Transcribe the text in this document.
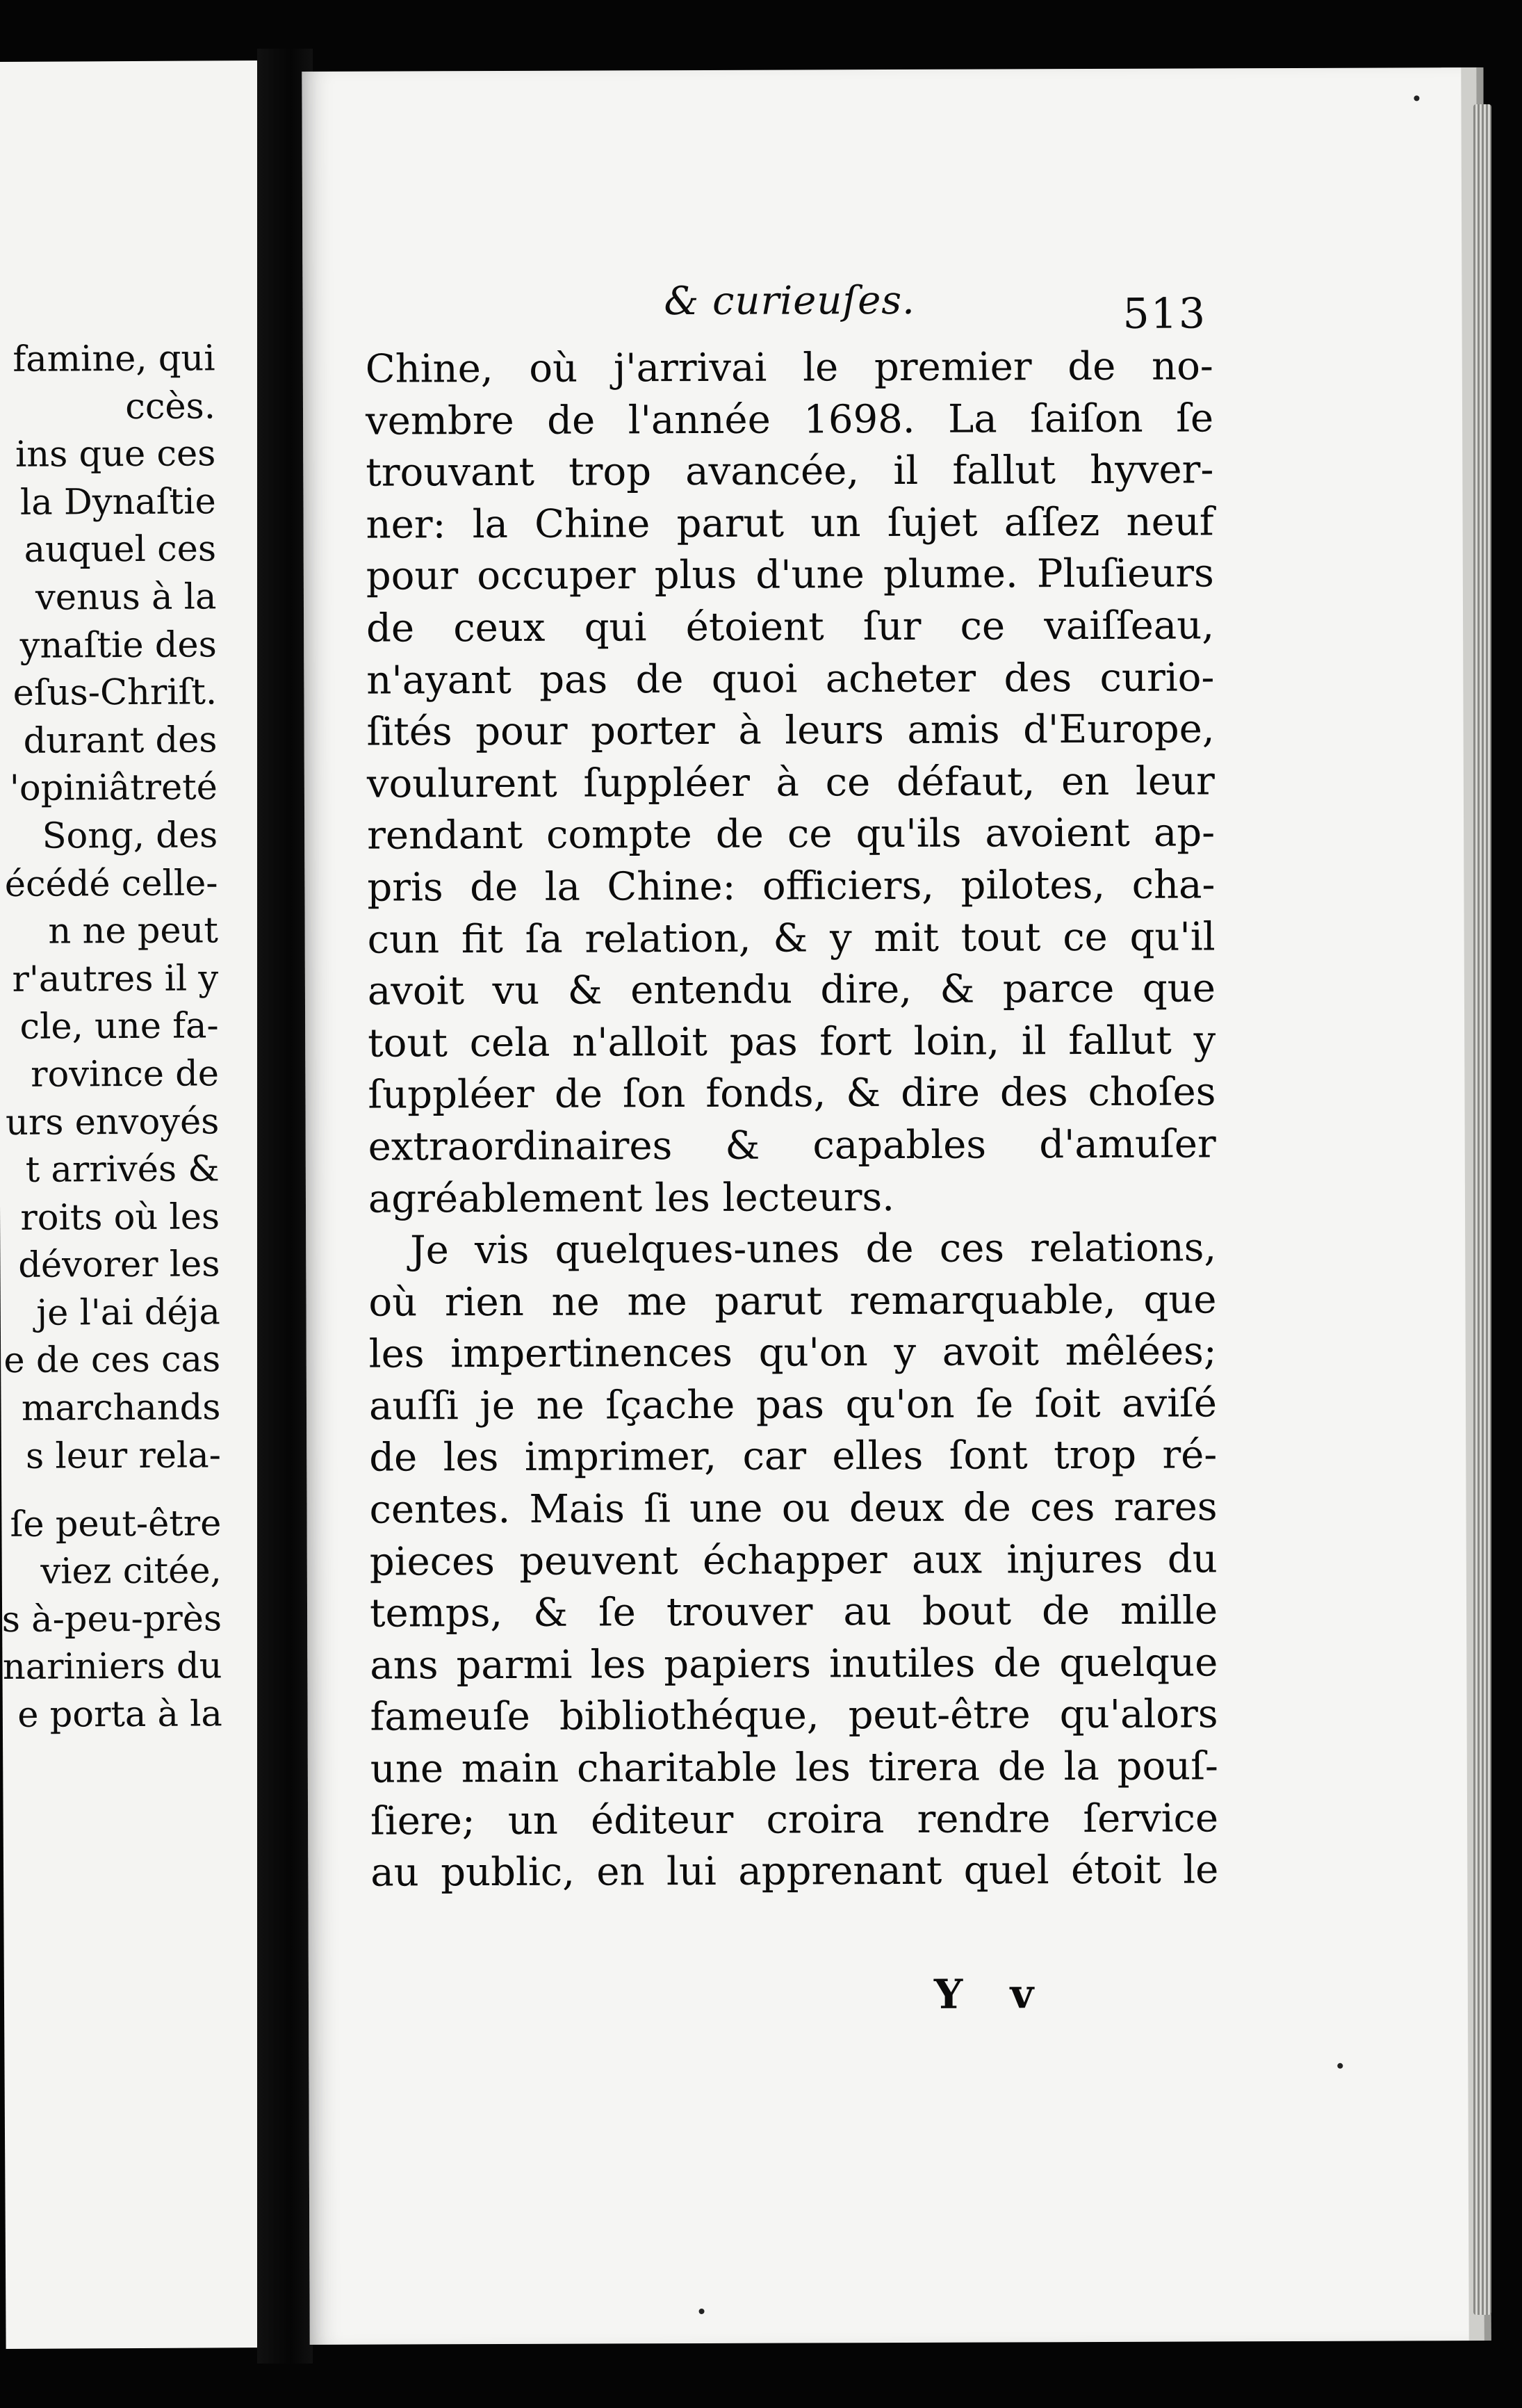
famine, qui
ccès.
ins que ces
la Dynaſtie
auquel ces
venus à la
ynaſtie des
eſus-Chriſt.
durant des
'opiniâtreté
Song, des
écédé celle-
n ne peut
r'autres il y
cle, une fa-
rovince de
urs envoyés
t arrivés &
roits où les
dévorer les
je l'ai déja
e de ces cas
marchands
s leur rela-
ſe peut-être
viez citée,
s à-peu-près
nariniers du
e porta à la
& curieuſes.	513
Chine, où j'arrivai le premier de no-
vembre de l'année 1698. La ſaiſon ſe
trouvant trop avancée, il fallut hyver-
ner: la Chine parut un ſujet aſſez neuf
pour occuper plus d'une plume. Pluſieurs
de ceux qui étoient ſur ce vaiſſeau,
n'ayant pas de quoi acheter des curio-
ſités pour porter à leurs amis d'Europe,
voulurent ſuppléer à ce défaut, en leur
rendant compte de ce qu'ils avoient ap-
pris de la Chine: officiers, pilotes, cha-
cun fit ſa relation, & y mit tout ce qu'il
avoit vu & entendu dire, & parce que
tout cela n'alloit pas fort loin, il fallut y
ſuppléer de ſon fonds, & dire des choſes
extraordinaires & capables d'amuſer
agréablement les lecteurs.
Je vis quelques-unes de ces relations,
où rien ne me parut remarquable, que
les impertinences qu'on y avoit mêlées;
auſſi je ne ſçache pas qu'on ſe ſoit aviſé
de les imprimer, car elles ſont trop ré-
centes. Mais ſi une ou deux de ces rares
pieces peuvent échapper aux injures du
temps, & ſe trouver au bout de mille
ans parmi les papiers inutiles de quelque
fameuſe bibliothéque, peut-être qu'alors
une main charitable les tirera de la pouſ-
ſiere; un éditeur croira rendre ſervice
au public, en lui apprenant quel étoit le
Y v
